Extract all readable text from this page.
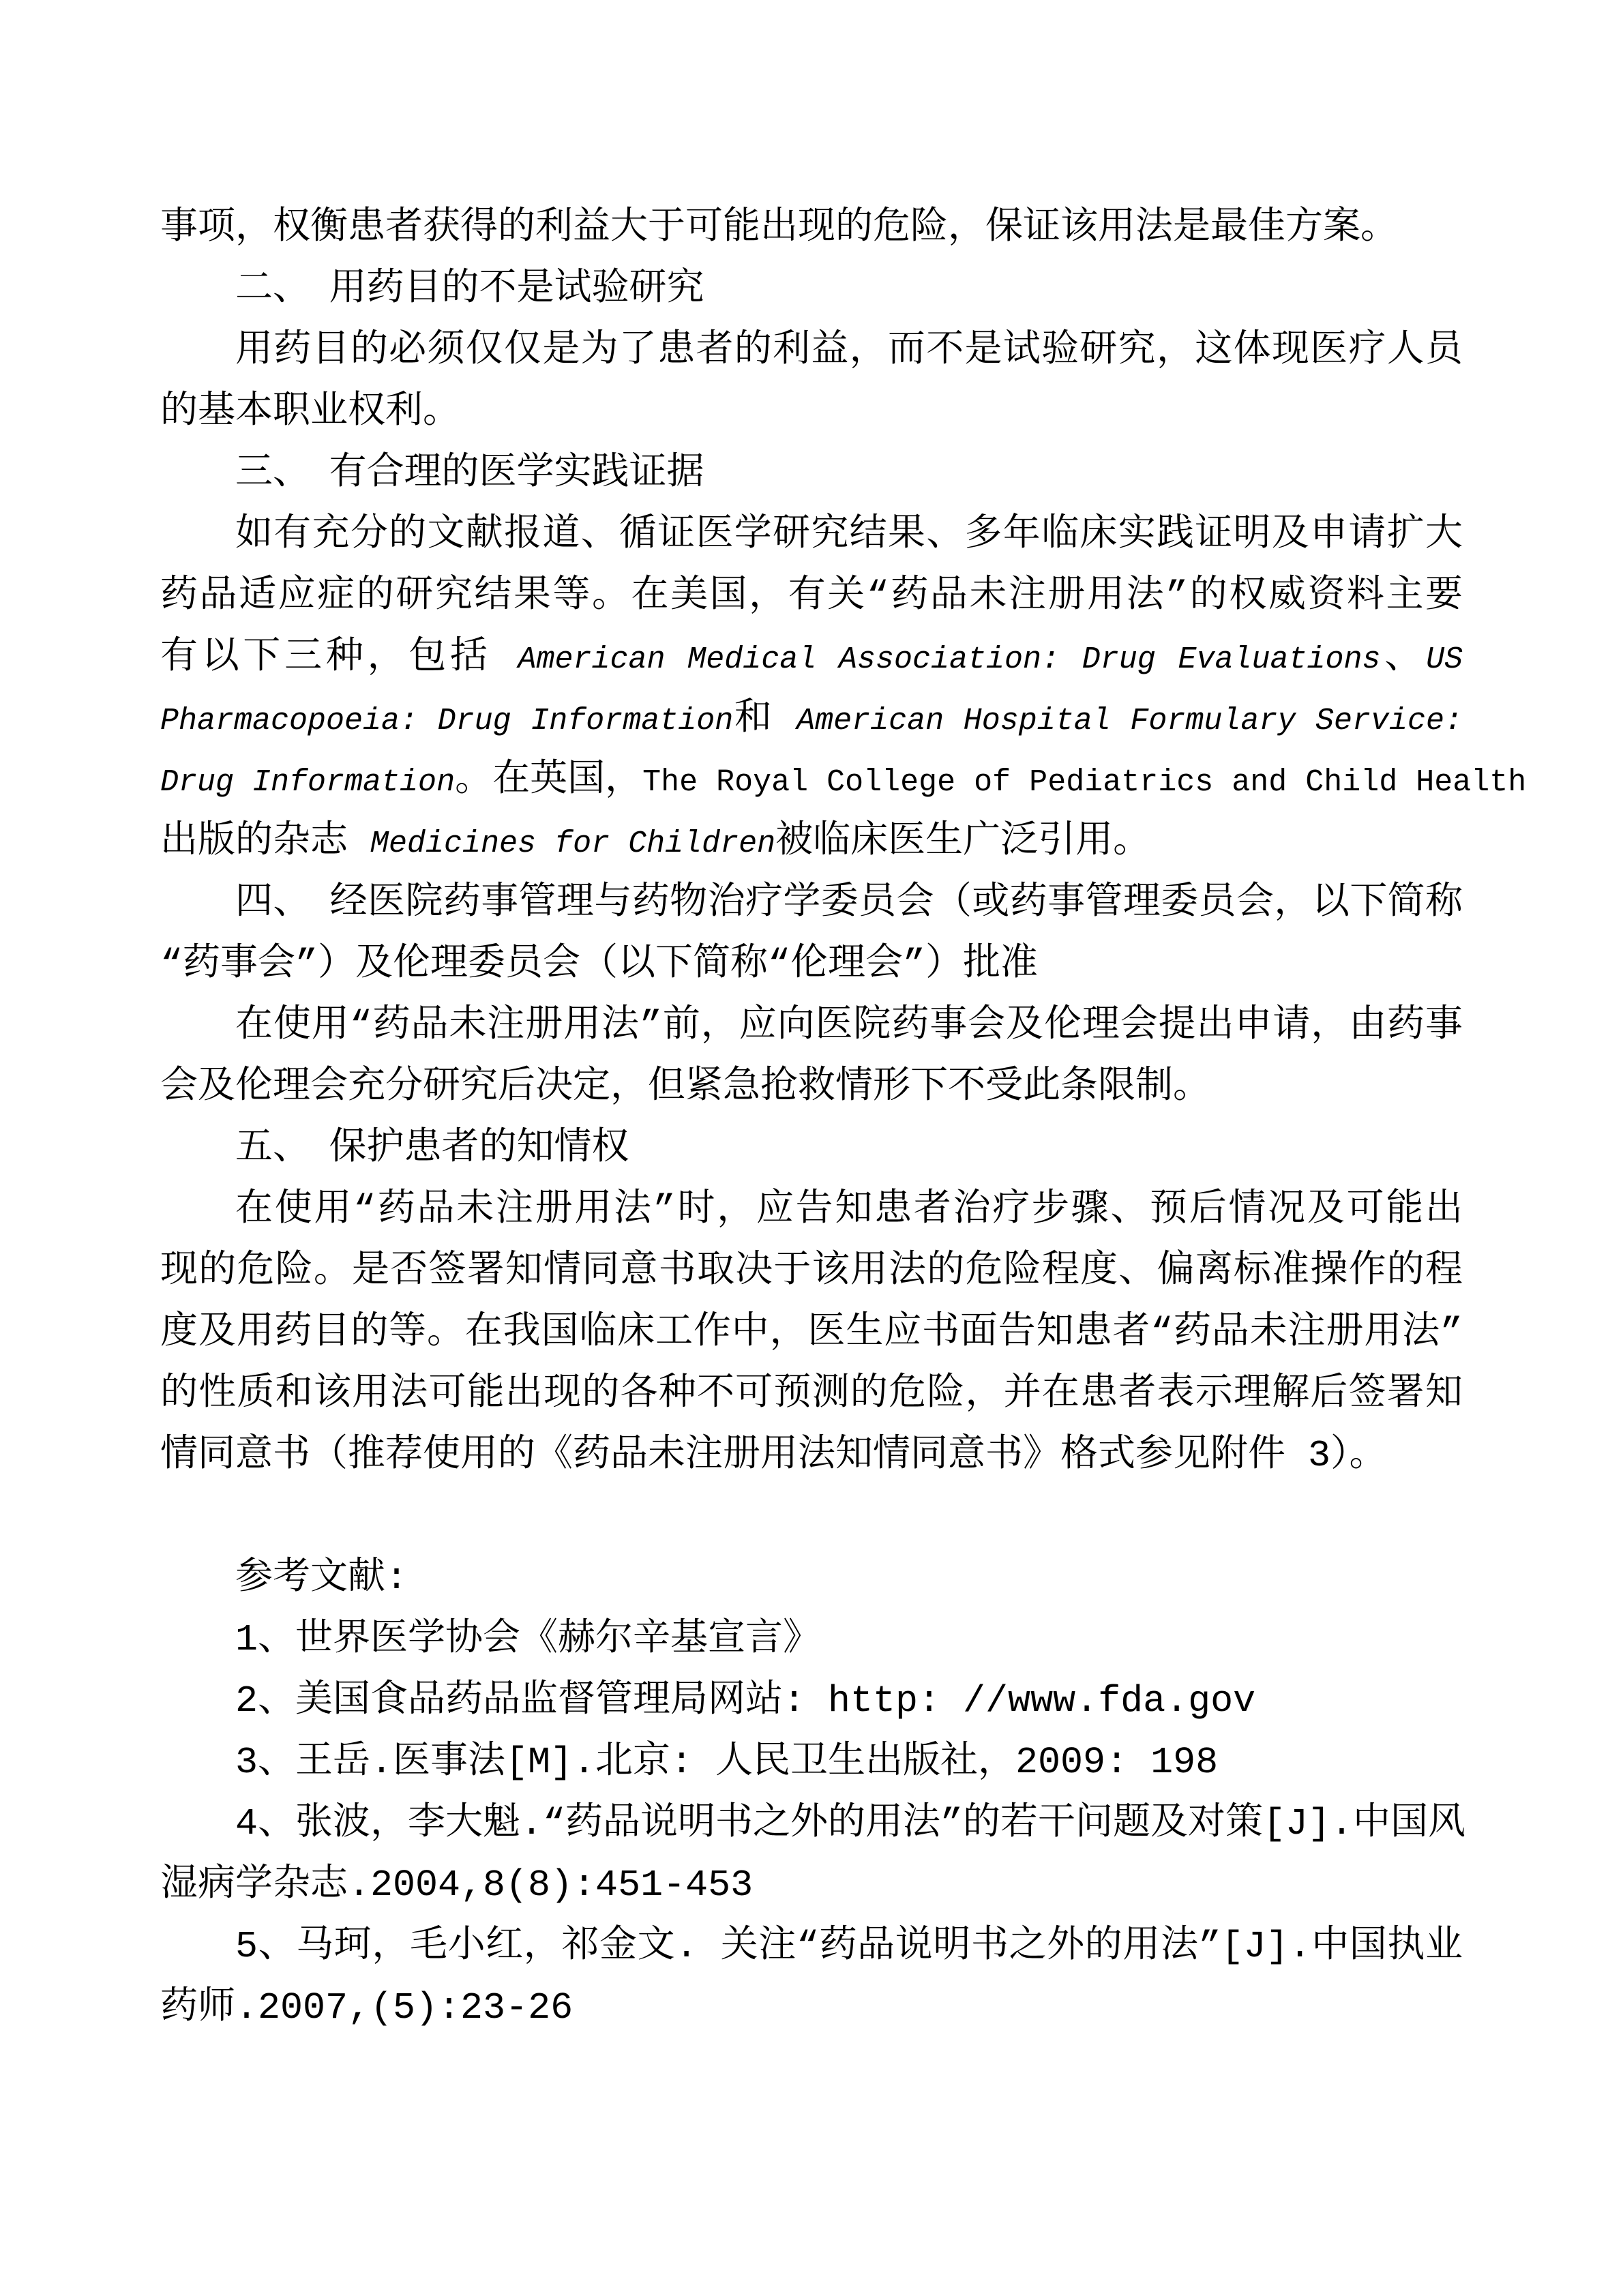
事项，权衡患者获得的利益大于可能出现的危险，保证该用法是最佳方案。
二、　用药目的不是试验研究
用药目的必须仅仅是为了患者的利益，而不是试验研究，这体现医疗人员
的基本职业权利。
三、　有合理的医学实践证据
如有充分的文献报道、循证医学研究结果、多年临床实践证明及申请扩大
药品适应症的研究结果等。在美国，有关“药品未注册用法”的权威资料主要
有以下三种，包括 American Medical Association: Drug Evaluations、US
Pharmacopoeia: Drug Information和 American Hospital Formulary Service:
Drug Information。在英国，The Royal College of Pediatrics and Child Health
出版的杂志 Medicines for Children被临床医生广泛引用。
四、　经医院药事管理与药物治疗学委员会（或药事管理委员会，以下简称
“药事会”）及伦理委员会（以下简称“伦理会”）批准
在使用“药品未注册用法”前，应向医院药事会及伦理会提出申请，由药事
会及伦理会充分研究后决定，但紧急抢救情形下不受此条限制。
五、　保护患者的知情权
在使用“药品未注册用法”时，应告知患者治疗步骤、预后情况及可能出
现的危险。是否签署知情同意书取决于该用法的危险程度、偏离标准操作的程
度及用药目的等。在我国临床工作中，医生应书面告知患者“药品未注册用法”
的性质和该用法可能出现的各种不可预测的危险，并在患者表示理解后签署知
情同意书（推荐使用的《药品未注册用法知情同意书》格式参见附件 3）。
参考文献:
1、世界医学协会《赫尔辛基宣言》
2、美国食品药品监督管理局网站: http: //www.fda.gov
3、王岳.医事法[M].北京: 人民卫生出版社，2009: 198
4、张波，李大魁.“药品说明书之外的用法”的若干问题及对策[J].中国风
湿病学杂志.2004,8(8):451-453
5、马珂，毛小红，祁金文. 关注“药品说明书之外的用法”[J].中国执业
药师.2007,(5):23-26
